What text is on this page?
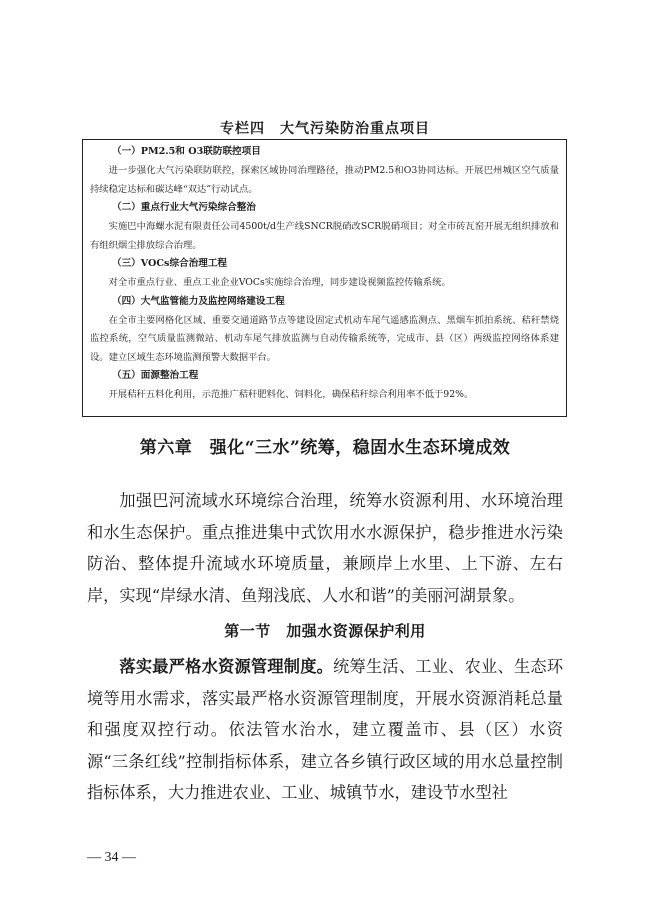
专栏四　大气污染防治重点项目
（一）PM2.5和 O3联防联控项目
进一步强化大气污染联防联控，探索区域协同治理路径，推动PM2.5和O3协同达标。开展巴州城区空气质量持续稳定达标和碳达峰“双达”行动试点。
（二）重点行业大气污染综合整治
实施巴中海螺水泥有限责任公司4500t/d生产线SNCR脱硝改SCR脱硝项目；对全市砖瓦窑开展无组织排放和有组织烟尘排放综合治理。
（三）VOCs综合治理工程
对全市重点行业、重点工业企业VOCs实施综合治理，同步建设视频监控传输系统。
（四）大气监管能力及监控网络建设工程
在全市主要网格化区域、重要交通道路节点等建设固定式机动车尾气遥感监测点、黑烟车抓拍系统、秸秆禁烧监控系统，空气质量监测微站、机动车尾气排放监测与自动传输系统等，完成市、县（区）两级监控网络体系建设。建立区域生态环境监测预警大数据平台。
（五）面源整治工程
开展秸秆五料化利用，示范推广秸秆肥料化、饲料化，确保秸秆综合利用率不低于92%。
第六章　强化“三水”统筹，稳固水生态环境成效
加强巴河流域水环境综合治理，统筹水资源利用、水环境治理和水生态保护。重点推进集中式饮用水水源保护，稳步推进水污染防治、整体提升流域水环境质量，兼顾岸上水里、上下游、左右岸，实现“岸绿水清、鱼翔浅底、人水和谐”的美丽河湖景象。
第一节　加强水资源保护利用
落实最严格水资源管理制度。统筹生活、工业、农业、生态环境等用水需求，落实最严格水资源管理制度，开展水资源消耗总量和强度双控行动。依法管水治水，建立覆盖市、县（区）水资源“三条红线”控制指标体系，建立各乡镇行政区域的用水总量控制指标体系，大力推进农业、工业、城镇节水，建设节水型社
— 34 —
